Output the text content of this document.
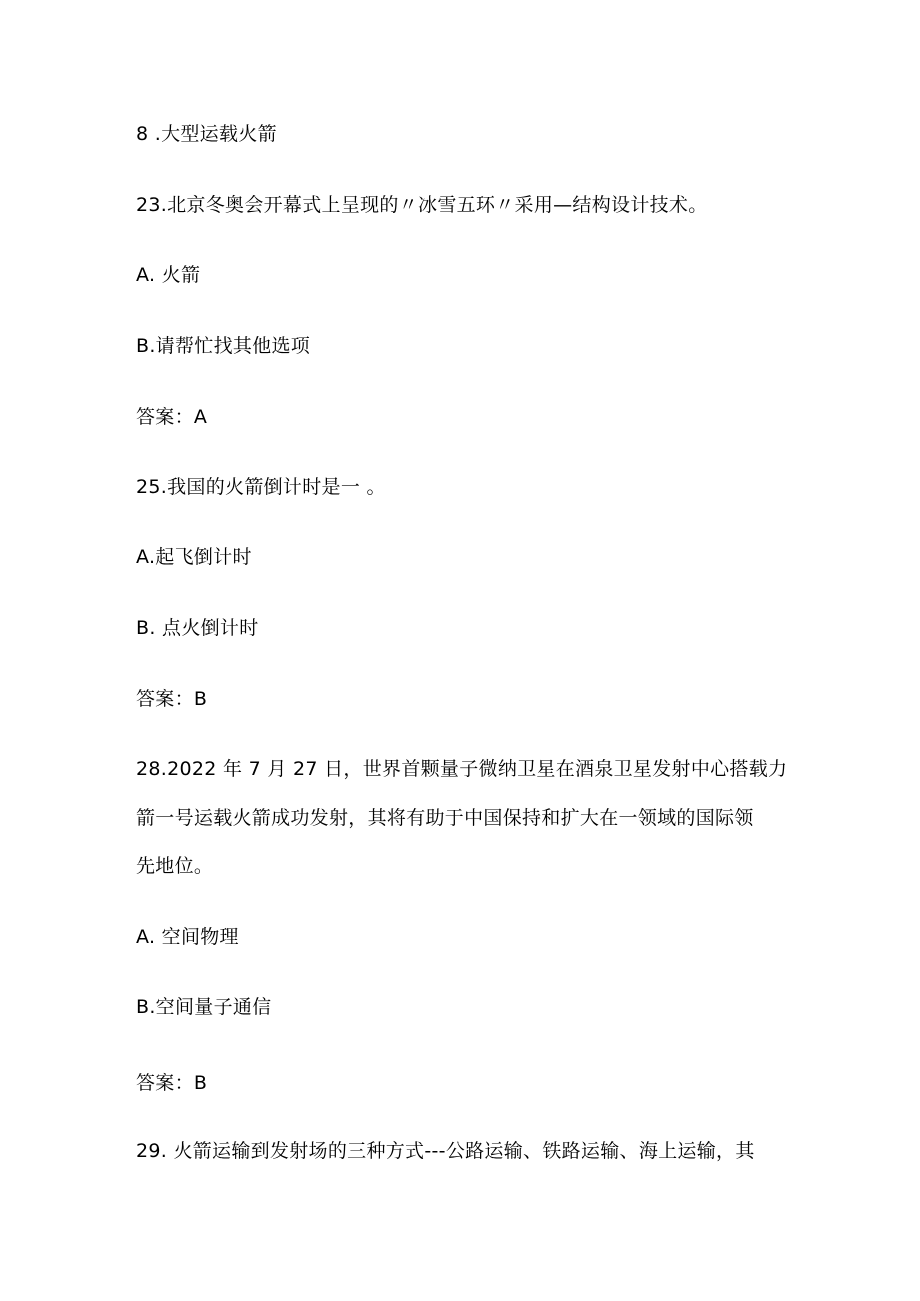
8 .大型运载火箭
23.北京冬奥会开幕式上呈现的〃冰雪五环〃采用—结构设计技术。
A. 火箭
B.请帮忙找其他选项
答案：A
25.我国的火箭倒计时是一 。
A.起飞倒计时
B. 点火倒计时
答案：B
28.2022 年 7 月 27 日，世界首颗量子微纳卫星在酒泉卫星发射中心搭载力
箭一号运载火箭成功发射，其将有助于中国保持和扩大在一领域的国际领
先地位。
A. 空间物理
B.空间量子通信
答案：B
29. 火箭运输到发射场的三种方式---公路运输、铁路运输、海上运输，其
